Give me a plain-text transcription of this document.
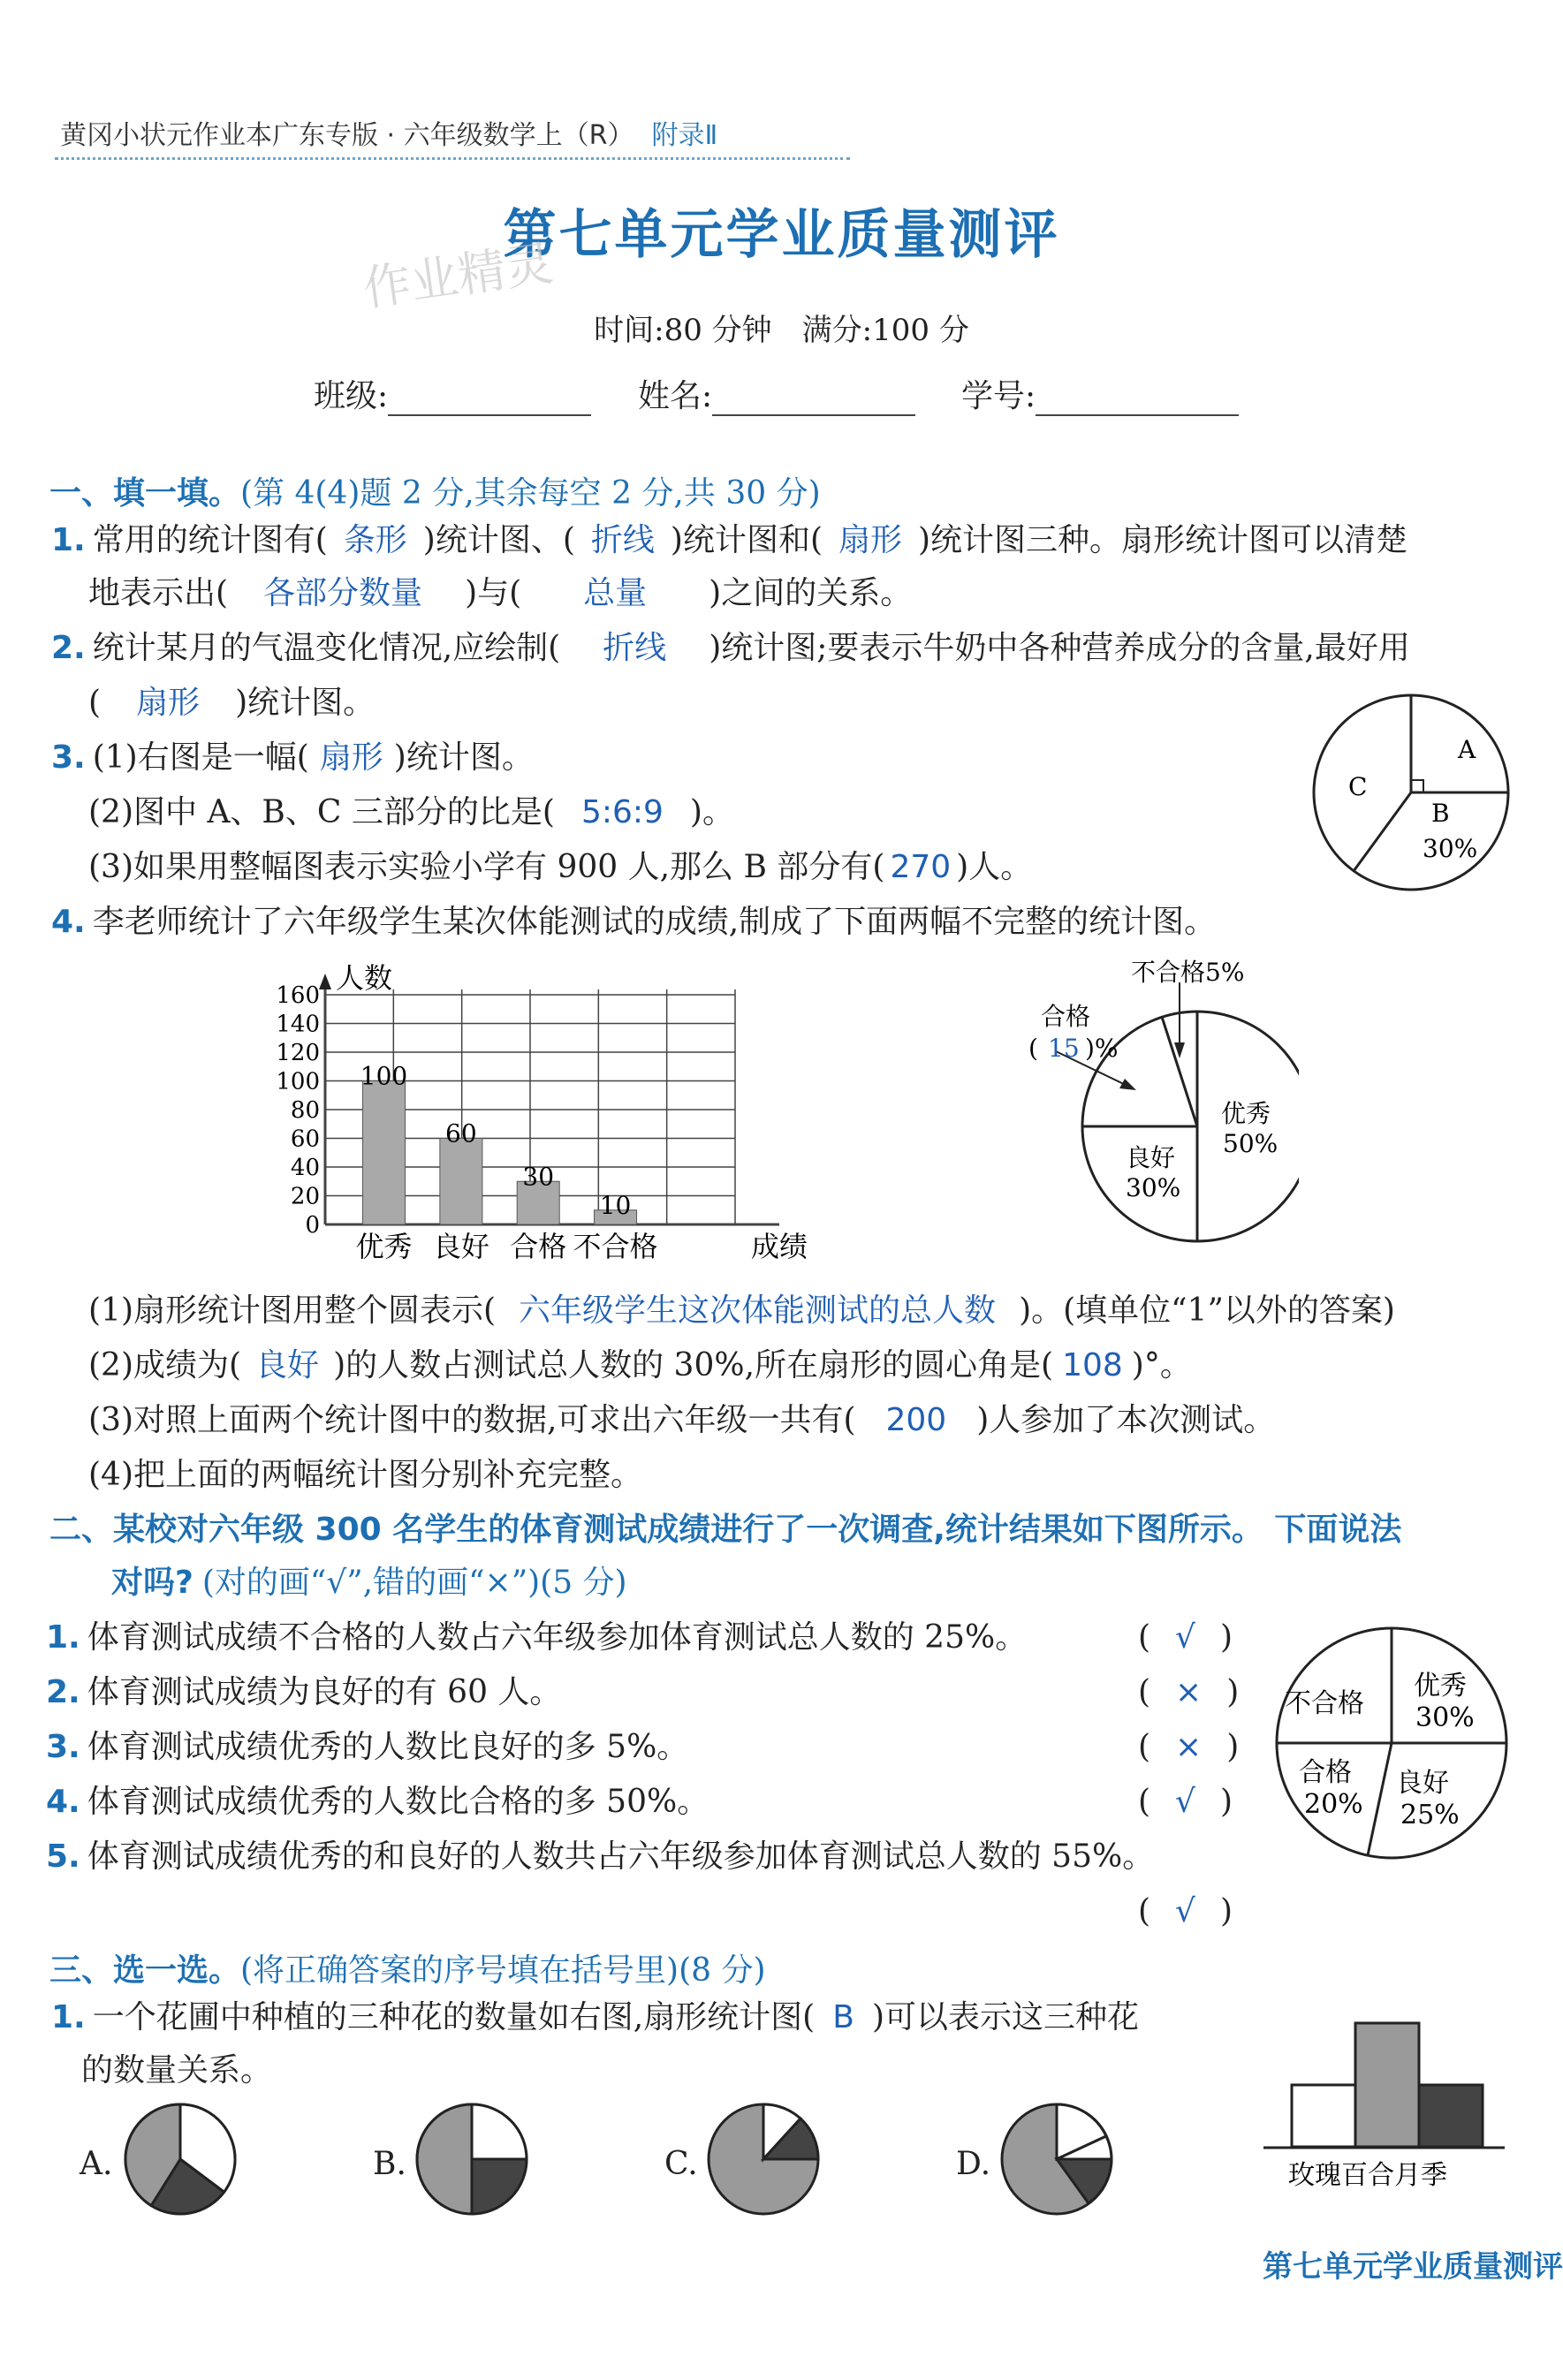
黄冈小状元作业本广东专版 · 六年级数学上（R） 附录Ⅱ
第七单元学业质量测评
作业精灵
时间:80 分钟　满分:100 分
班级:	姓名:	学号:
一、填一填。(第 4(4)题 2 分,其余每空 2 分,共 30 分)
1. 常用的统计图有( 条形 )统计图、( 折线 )统计图和( 扇形 )统计图三种。扇形统计图可以清楚
地表示出( 各部分数量 )与( 总量 )之间的关系。
2. 统计某月的气温变化情况,应绘制( 折线 )统计图;要表示牛奶中各种营养成分的含量,最好用
( 扇形 )统计图。
3. (1)右图是一幅( 扇形 )统计图。
(2)图中 A、B、C 三部分的比是( 5:6:9 )。
(3)如果用整幅图表示实验小学有 900 人,那么 B 部分有( 270 )人。
A
B
30%
C
4. 李老师统计了六年级学生某次体能测试的成绩,制成了下面两幅不完整的统计图。
0
20
40
60
80
100
120
140
160
100
优秀
60
良好
30
合格
10
不合格
人数
成绩
不合格5%
合格
( 15 )%
优秀
50%
良好
30%
(1)扇形统计图用整个圆表示( 六年级学生这次体能测试的总人数 )。(填单位“1”以外的答案)
(2)成绩为( 良好 )的人数占测试总人数的 30%,所在扇形的圆心角是( 108 )°。
(3)对照上面两个统计图中的数据,可求出六年级一共有( 200 )人参加了本次测试。
(4)把上面的两幅统计图分别补充完整。
二、某校对六年级 300 名学生的体育测试成绩进行了一次调查,统计结果如下图所示。 下面说法
对吗? (对的画“√”,错的画“×”)(5 分)
1. 体育测试成绩不合格的人数占六年级参加体育测试总人数的 25%。	( √ )
2. 体育测试成绩为良好的有 60 人。	( × )
3. 体育测试成绩优秀的人数比良好的多 5%。	( × )
4. 体育测试成绩优秀的人数比合格的多 50%。	( √ )
5. 体育测试成绩优秀的和良好的人数共占六年级参加体育测试总人数的 55%。
( √ )
不合格
优秀
30%
合格
20%
良好
25%
三、选一选。(将正确答案的序号填在括号里)(8 分)
1. 一个花圃中种植的三种花的数量如右图,扇形统计图( B )可以表示这三种花
的数量关系。
A.	B.	C.	D.	玫瑰百合月季
第七单元学业质量测评
